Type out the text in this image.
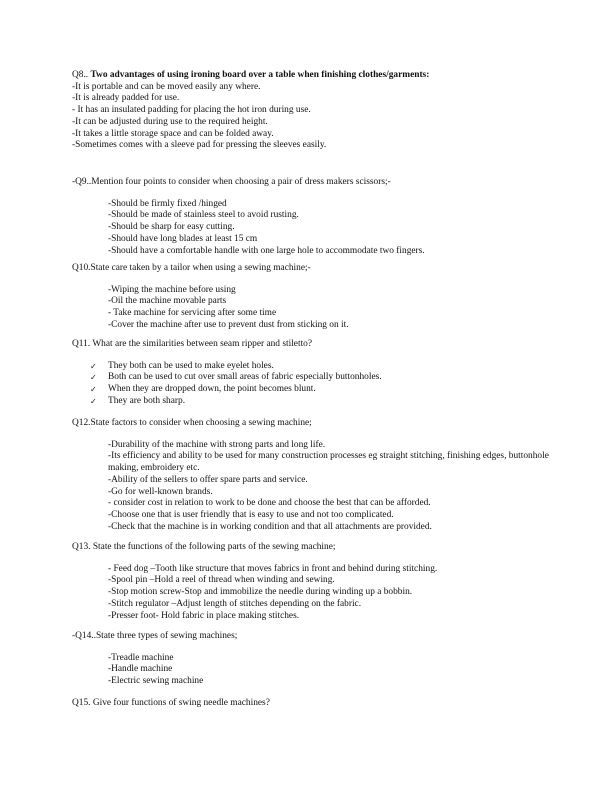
Q8.. Two advantages of using ironing board over a table when finishing clothes/garments:
-It is portable and can be moved easily any where.
-It is already padded for use.
- It has an insulated padding for placing the hot iron during use.
-It can be adjusted during use to the required height.
-It takes a little storage space and can be folded away.
-Sometimes comes with a sleeve pad for pressing the sleeves easily.
-Q9..Mention four points to consider when choosing a pair of dress makers scissors;-
-Should be firmly fixed /hinged
-Should be made of stainless steel to avoid rusting.
-Should be sharp for easy cutting.
-Should have long blades at least 15 cm
-Should have a comfortable handle with one large hole to accommodate two fingers.
Q10.State care taken by a tailor when using a sewing machine;-
-Wiping the machine before using
-Oil the machine movable parts
- Take machine for servicing after some time
-Cover the machine after use to prevent dust from sticking on it.
Q11. What are the similarities between seam ripper and stiletto?
✓	They both can be used to make eyelet holes.
✓	Both can be used to cut over small areas of fabric especially buttonholes.
✓	When they are dropped down, the point becomes blunt.
✓	They are both sharp.
Q12.State factors to consider when choosing a sewing machine;
-Durability of the machine with strong parts and long life.
-Its efficiency and ability to be used for many construction processes eg straight stitching, finishing edges, buttonhole making, embroidery etc.
-Ability of the sellers to offer spare parts and service.
-Go for well-known brands.
- consider cost in relation to work to be done and choose the best that can be afforded.
-Choose one that is user friendly that is easy to use and not too complicated.
-Check that the machine is in working condition and that all attachments are provided.
Q13. State the functions of the following parts of the sewing machine;
- Feed dog –Tooth like structure that moves fabrics in front and behind during stitching.
-Spool pin –Hold a reel of thread when winding and sewing.
-Stop motion screw-Stop and immobilize the needle during winding up a bobbin.
-Stitch regulator –Adjust length of stitches depending on the fabric.
-Presser foot- Hold fabric in place making stitches.
-Q14..State three types of sewing machines;
-Treadle machine
-Handle machine
-Electric sewing machine
Q15. Give four functions of swing needle machines?
